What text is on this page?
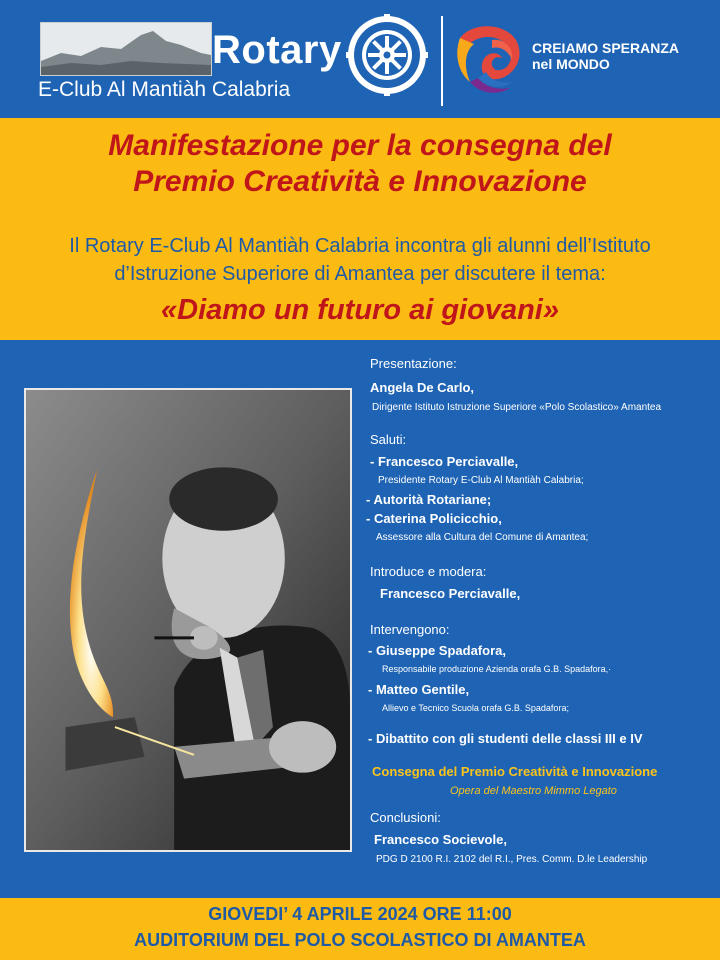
Rotary
E-Club Al Mantiàh Calabria
CREIAMO SPERANZA
nel MONDO
Manifestazione per la consegna del
Premio Creatività e Innovazione
Il Rotary E-Club Al Mantiàh Calabria incontra gli alunni dell’Istituto
d’Istruzione Superiore di Amantea per discutere il tema:
«Diamo un futuro ai giovani»
Presentazione:
Angela De Carlo,
Dirigente Istituto Istruzione Superiore «Polo Scolastico» Amantea
Saluti:
- Francesco Perciavalle,
Presidente Rotary E-Club Al Mantiàh Calabria;
- Autorità Rotariane;
- Caterina Policicchio,
Assessore alla Cultura del Comune di Amantea;
Introduce e modera:
Francesco Perciavalle,
Intervengono:
- Giuseppe Spadafora,
Responsabile produzione Azienda orafa G.B. Spadafora,·
- Matteo Gentile,
Allievo e Tecnico Scuola orafa G.B. Spadafora;
- Dibattito con gli studenti delle classi III e IV
Consegna del Premio Creatività e Innovazione
Opera del Maestro Mimmo Legato
Conclusioni:
Francesco Socievole,
PDG D 2100 R.I. 2102 del R.I., Pres. Comm. D.le Leadership
GIOVEDI’ 4 APRILE 2024 ORE 11:00
AUDITORIUM DEL POLO SCOLASTICO DI AMANTEA
